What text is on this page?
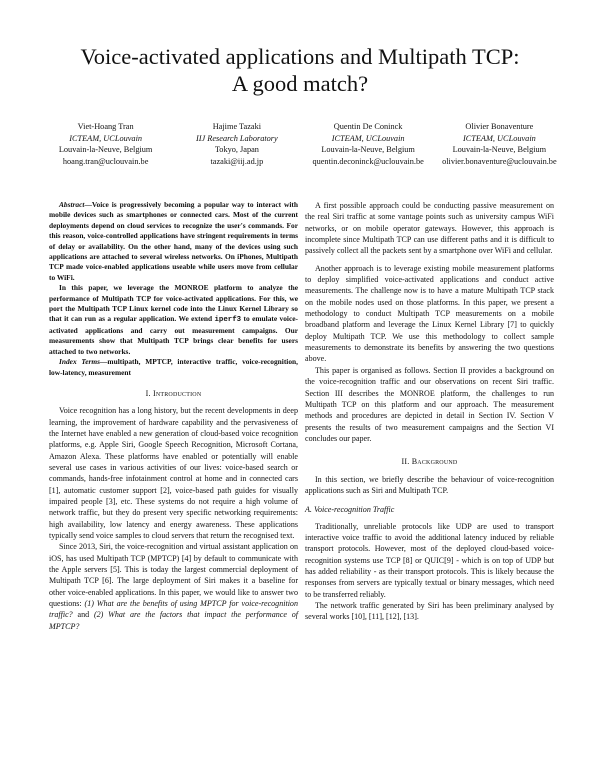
Voice-activated applications and Multipath TCP:
A good match?
Viet-Hoang Tran
ICTEAM, UCLouvain
Louvain-la-Neuve, Belgium
hoang.tran@uclouvain.be
Hajime Tazaki
IIJ Research Laboratory
Tokyo, Japan
tazaki@iij.ad.jp
Quentin De Coninck
ICTEAM, UCLouvain
Louvain-la-Neuve, Belgium
quentin.deconinck@uclouvain.be
Olivier Bonaventure
ICTEAM, UCLouvain
Louvain-la-Neuve, Belgium
olivier.bonaventure@uclouvain.be

Abstract—Voice is progressively becoming a popular way to interact with mobile devices such as smartphones or connected cars. Most of the current deployments depend on cloud services to recognize the user's commands. For this reason, voice-controlled applications have stringent requirements in terms of delay or availability. On the other hand, many of the devices using such applications are attached to several wireless networks. On iPhones, Multipath TCP made voice-enabled applications useable while users move from cellular to WiFi.

In this paper, we leverage the MONROE platform to analyze the performance of Multipath TCP for voice-activated applications. For this, we port the Multipath TCP Linux kernel code into the Linux Kernel Library so that it can run as a regular application. We extend iperf3 to emulate voice-activated applications and carry out measurement campaigns. Our measurements show that Multipath TCP brings clear benefits for users attached to two networks.

Index Terms—multipath, MPTCP, interactive traffic, voice-recognition, low-latency, measurement

I. Introduction

Voice recognition has a long history, but the recent developments in deep learning, the improvement of hardware capability and the pervasiveness of the Internet have enabled a new generation of cloud-based voice recognition platforms, e.g. Apple Siri, Google Speech Recognition, Microsoft Cortana, Amazon Alexa. These platforms have enabled or potentially will enable several use cases in various activities of our lives: voice-based search or commands, hands-free infotainment control at home and in connected cars [1], automatic customer support [2], voice-based path guides for visually impaired people [3], etc. These systems do not require a high volume of network traffic, but they do present very specific networking requirements: high availability, low latency and energy awareness. These applications typically send voice samples to cloud servers that return the recognised text.

Since 2013, Siri, the voice-recognition and virtual assistant application on iOS, has used Multipath TCP (MPTCP) [4] by default to communicate with the Apple servers [5]. This is today the largest commercial deployment of Multipath TCP [6]. The large deployment of Siri makes it a baseline for other voice-enabled applications. In this paper, we would like to answer two questions: (1) What are the benefits of using MPTCP for voice-recognition traffic? and (2) What are the factors that impact the performance of MPTCP?

A first possible approach could be conducting passive measurement on the real Siri traffic at some vantage points such as university campus WiFi networks, or on mobile operator gateways. However, this approach is incomplete since Multipath TCP can use different paths and it is difficult to passively collect all the packets sent by a smartphone over WiFi and cellular.

Another approach is to leverage existing mobile measurement platforms to deploy simplified voice-activated applications and conduct active measurements. The challenge now is to have a mature Multipath TCP stack on the mobile nodes used on those platforms. In this paper, we present a methodology to conduct Multipath TCP measurements on a mobile broadband platform and leverage the Linux Kernel Library [7] to quickly deploy Multipath TCP. We use this methodology to collect sample measurements to demonstrate its benefits by answering the two questions above.

This paper is organised as follows. Section II provides a background on the voice-recognition traffic and our observations on recent Siri traffic. Section III describes the MONROE platform, the challenges to run Multipath TCP on this platform and our approach. The measurement methods and procedures are depicted in detail in Section IV. Section V presents the results of two measurement campaigns and the Section VI concludes our paper.

II. Background

In this section, we briefly describe the behaviour of voice-recognition applications such as Siri and Multipath TCP.

A. Voice-recognition Traffic

Traditionally, unreliable protocols like UDP are used to transport interactive voice traffic to avoid the additional latency induced by reliable transport protocols. However, most of the deployed cloud-based voice-recognition systems use TCP [8] or QUIC[9] - which is on top of UDP but has added reliability - as their transport protocols. This is likely because the responses from servers are typically textual or binary messages, which need to be transferred reliably.

The network traffic generated by Siri has been preliminary analysed by several works [10], [11], [12], [13].
